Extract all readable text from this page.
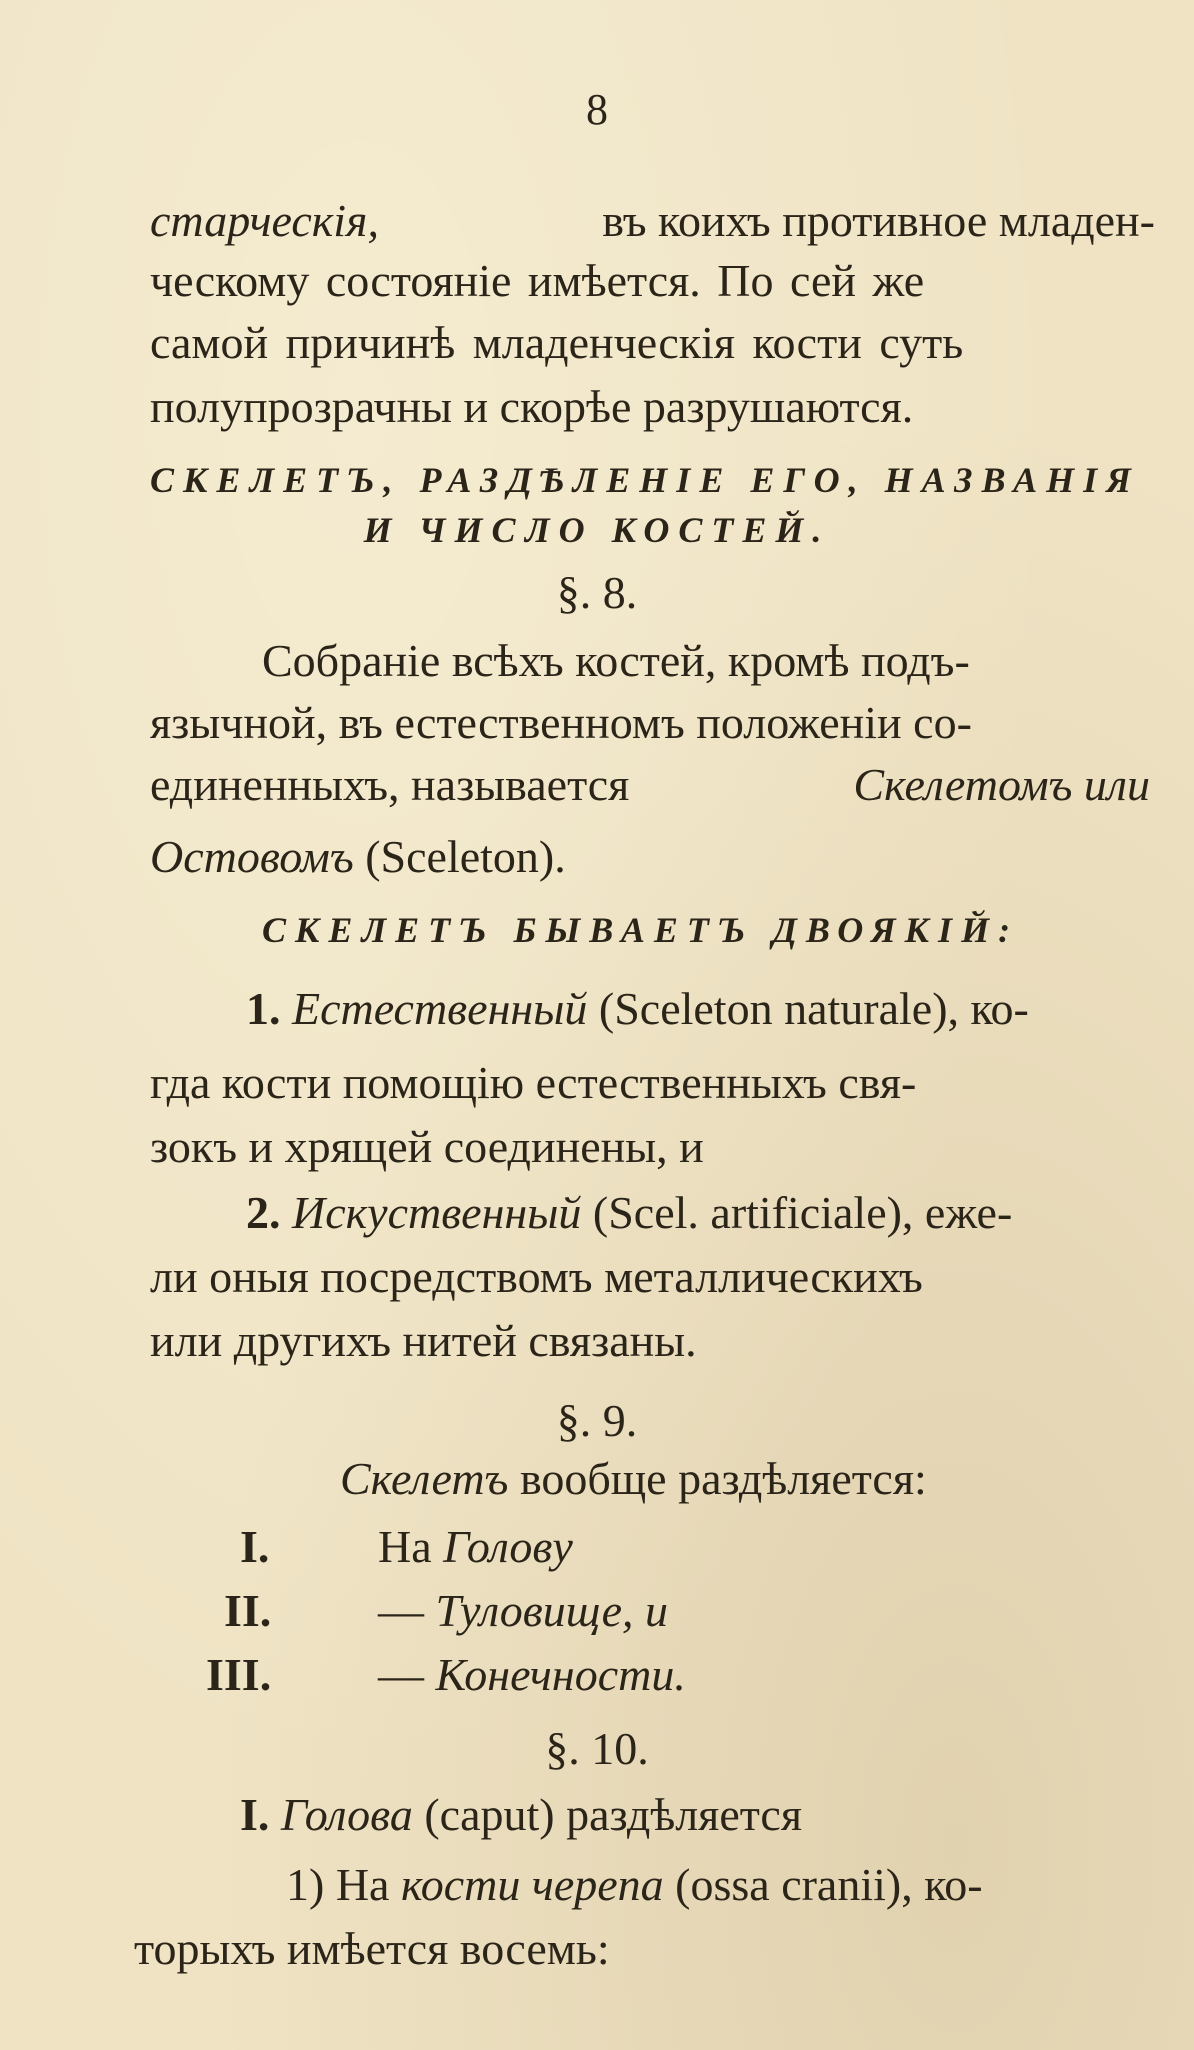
8
старческія,	въ коихъ противное младен-
ческому состояніе имѣется. По сей же
самой причинѣ младенческія кости суть
полупрозрачны и скорѣе разрушаются.
СКЕЛЕТЪ, РАЗДѢЛЕНІЕ ЕГО, НАЗВАНІЯ
И ЧИСЛО КОСТЕЙ.
§. 8.
Собраніе всѣхъ костей, кромѣ подъ-
язычной, въ естественномъ положеніи со-
единенныхъ, называется	Скелетомъ или
Остовомъ (Sceleton).
СКЕЛЕТЪ БЫВАЕТЪ ДВОЯКІЙ:
1. Естественный (Sceleton naturale), ко-
гда кости помощію естественныхъ свя-
зокъ и хрящей соединены, и
2. Искуственный (Scel. artificiale), еже-
ли оныя посредствомъ металлическихъ
или другихъ нитей связаны.
§. 9.
Скелетъ вообще раздѣляется:
I. На Голову
II. — Туловище, и
III. — Конечности.
§. 10.
I. Голова (caput) раздѣляется
1) На кости черепа (ossa cranii), ко-
торыхъ имѣется восемь:
